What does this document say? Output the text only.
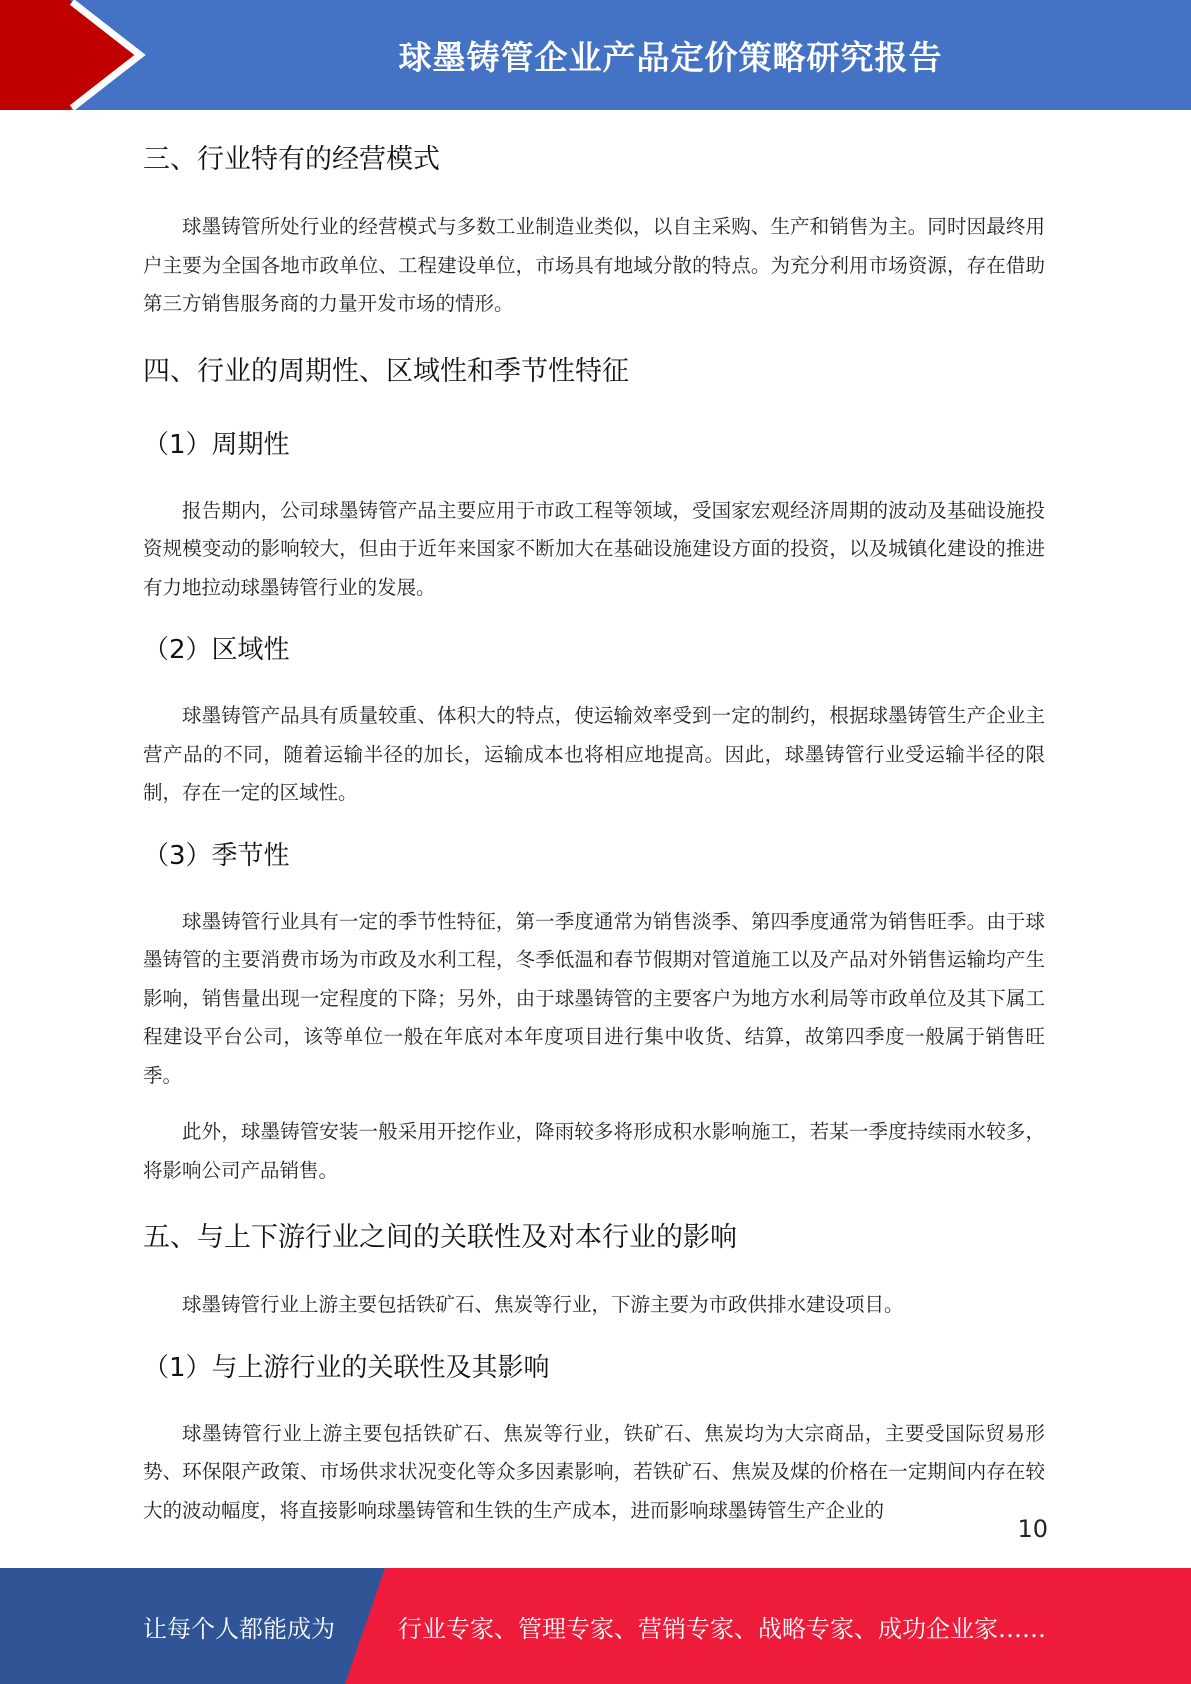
球墨铸管企业产品定价策略研究报告
三、行业特有的经营模式

球墨铸管所处行业的经营模式与多数工业制造业类似，以自主采购、生产和销售为主。同时因最终用户主要为全国各地市政单位、工程建设单位，市场具有地域分散的特点。为充分利用市场资源，存在借助第三方销售服务商的力量开发市场的情形。

四、行业的周期性、区域性和季节性特征
（1）周期性

报告期内，公司球墨铸管产品主要应用于市政工程等领域，受国家宏观经济周期的波动及基础设施投资规模变动的影响较大，但由于近年来国家不断加大在基础设施建设方面的投资，以及城镇化建设的推进有力地拉动球墨铸管行业的发展。

（2）区域性

球墨铸管产品具有质量较重、体积大的特点，使运输效率受到一定的制约，根据球墨铸管生产企业主营产品的不同，随着运输半径的加长，运输成本也将相应地提高。因此，球墨铸管行业受运输半径的限制，存在一定的区域性。

（3）季节性

球墨铸管行业具有一定的季节性特征，第一季度通常为销售淡季、第四季度通常为销售旺季。由于球墨铸管的主要消费市场为市政及水利工程，冬季低温和春节假期对管道施工以及产品对外销售运输均产生影响，销售量出现一定程度的下降；另外，由于球墨铸管的主要客户为地方水利局等市政单位及其下属工程建设平台公司，该等单位一般在年底对本年度项目进行集中收货、结算，故第四季度一般属于销售旺季。

此外，球墨铸管安装一般采用开挖作业，降雨较多将形成积水影响施工，若某一季度持续雨水较多，将影响公司产品销售。

五、与上下游行业之间的关联性及对本行业的影响

球墨铸管行业上游主要包括铁矿石、焦炭等行业，下游主要为市政供排水建设项目。

（1）与上游行业的关联性及其影响

球墨铸管行业上游主要包括铁矿石、焦炭等行业，铁矿石、焦炭均为大宗商品，主要受国际贸易形势、环保限产政策、市场供求状况变化等众多因素影响，若铁矿石、焦炭及煤的价格在一定期间内存在较大的波动幅度，将直接影响球墨铸管和生铁的生产成本，进而影响球墨铸管生产企业的

10
让每个人都能成为	行业专家、管理专家、营销专家、战略专家、成功企业家……
